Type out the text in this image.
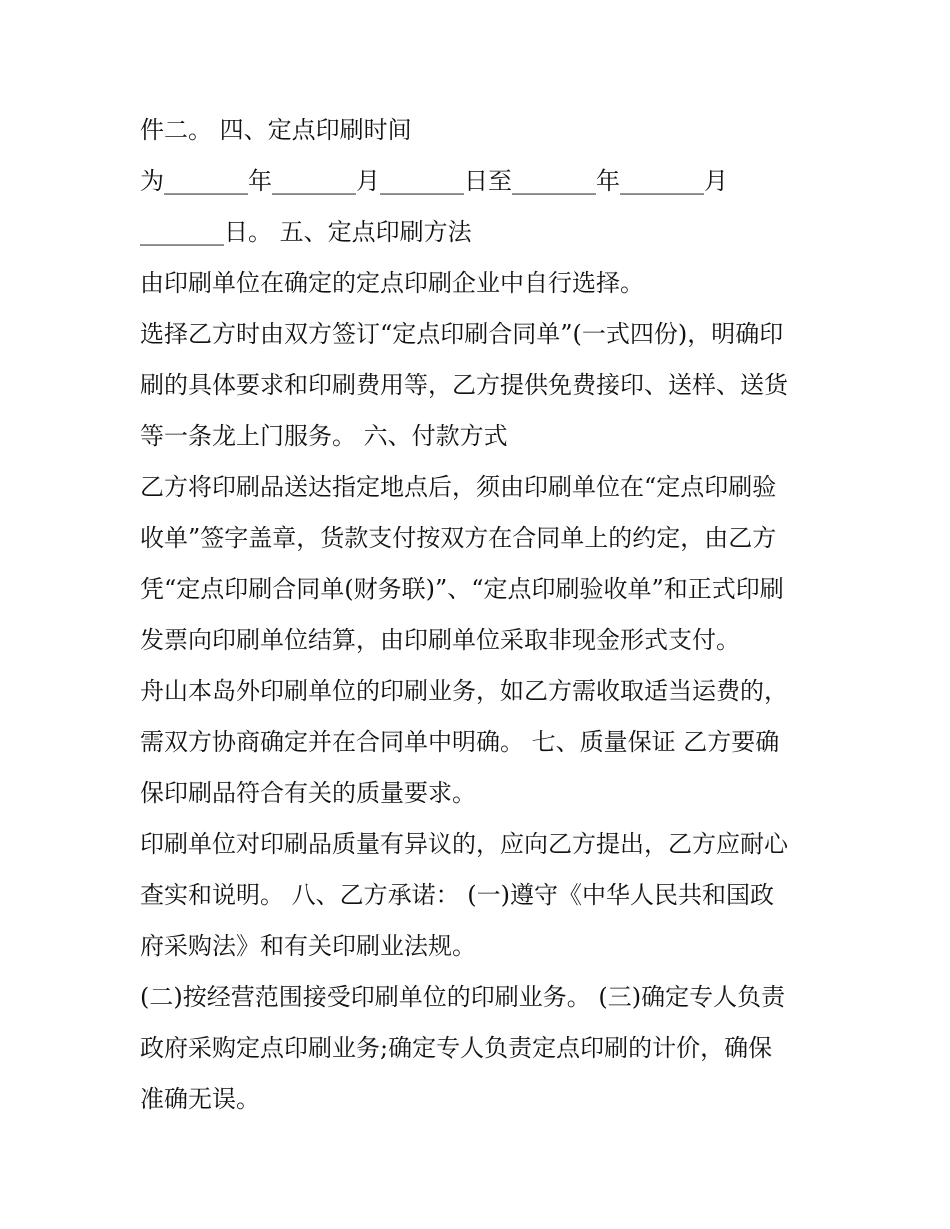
件二。 四、定点印刷时间
为_______年_______月_______日至_______年_______月
_______日。 五、定点印刷方法
由印刷单位在确定的定点印刷企业中自行选择。
选择乙方时由双方签订“定点印刷合同单”(一式四份)，明确印
刷的具体要求和印刷费用等，乙方提供免费接印、送样、送货
等一条龙上门服务。 六、付款方式
乙方将印刷品送达指定地点后，须由印刷单位在“定点印刷验
收单”签字盖章，货款支付按双方在合同单上的约定，由乙方
凭“定点印刷合同单(财务联)”、“定点印刷验收单”和正式印刷
发票向印刷单位结算，由印刷单位采取非现金形式支付。
舟山本岛外印刷单位的印刷业务，如乙方需收取适当运费的，
需双方协商确定并在合同单中明确。 七、质量保证 乙方要确
保印刷品符合有关的质量要求。
印刷单位对印刷品质量有异议的，应向乙方提出，乙方应耐心
查实和说明。 八、乙方承诺： (一)遵守《中华人民共和国政
府采购法》和有关印刷业法规。
(二)按经营范围接受印刷单位的印刷业务。 (三)确定专人负责
政府采购定点印刷业务;确定专人负责定点印刷的计价，确保
准确无误。
